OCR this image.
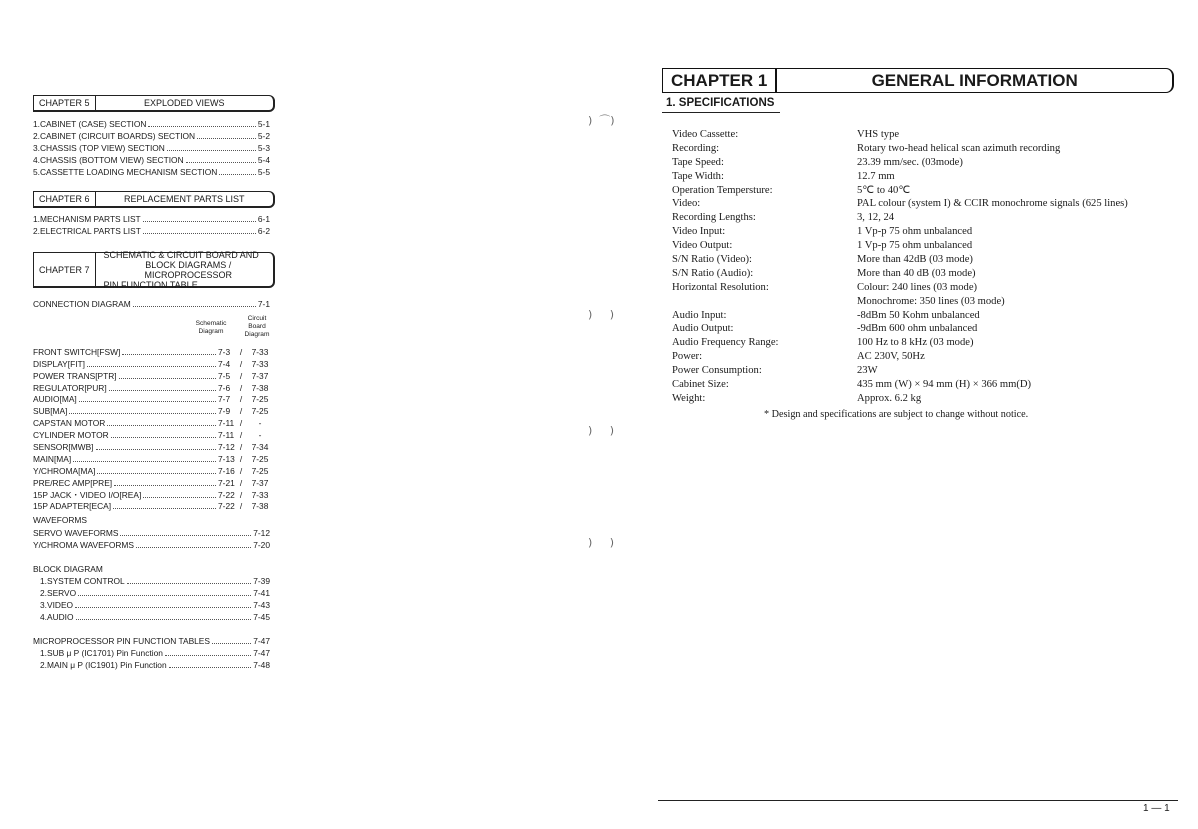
CHAPTER 5	EXPLODED VIEWS
1.CABINET (CASE) SECTION	5-1
2.CABINET (CIRCUIT BOARDS) SECTION	5-2
3.CHASSIS (TOP VIEW) SECTION	5-3
4.CHASSIS (BOTTOM VIEW) SECTION	5-4
5.CASSETTE LOADING MECHANISM SECTION	5-5
CHAPTER 6	REPLACEMENT PARTS LIST
1.MECHANISM PARTS LIST	6-1
2.ELECTRICAL PARTS LIST	6-2
CHAPTER 7
SCHEMATIC & CIRCUIT BOARD AND
BLOCK DIAGRAMS / MICROPROCESSOR
PIN FUNCTION TABLE
CONNECTION DIAGRAM	7-1
Schematic
Diagram
Circuit
Board
Diagram
FRONT SWITCH[FSW]	7-3	/	7-33
DISPLAY[FIT]	7-4	/	7-33
POWER TRANS[PTR]	7-5	/	7-37
REGULATOR[PUR]	7-6	/	7-38
AUDIO[MA]	7-7	/	7-25
SUB[MA]	7-9	/	7-25
CAPSTAN MOTOR	7-11 /	-
CYLINDER MOTOR	7-11 /	-
SENSOR[MWB]	7-12 /	7-34
MAIN[MA]	7-13 /	7-25
Y/CHROMA[MA]	7-16 /	7-25
PRE/REC AMP[PRE]	7-21 /	7-37
15P JACK・VIDEO I/O[REA]	7-22 /	7-33
15P ADAPTER[ECA]	7-22 /	7-38
WAVEFORMS
SERVO WAVEFORMS	7-12
Y/CHROMA WAVEFORMS	7-20
BLOCK DIAGRAM
1.SYSTEM CONTROL	7-39
2.SERVO	7-41
3.VIDEO	7-43
4.AUDIO	7-45
MICROPROCESSOR PIN FUNCTION TABLES	7-47
1.SUB μ P (IC1701) Pin Function	7-47
2.MAIN μ P (IC1901) Pin Function	7-48
)  ⌒)
)     )
)     )
)     )
CHAPTER 1	GENERAL INFORMATION
1. SPECIFICATIONS
Video Cassette:	VHS type
Recording:	Rotary two-head helical scan azimuth recording
Tape Speed:	23.39 mm/sec. (03mode)
Tape Width:	12.7 mm
Operation Tempersture:	5℃ to 40℃
Video:	PAL colour (system I) & CCIR monochrome signals (625 lines)
Recording Lengths:	3, 12, 24
Video Input:	1 Vp-p 75 ohm unbalanced
Video Output:	1 Vp-p 75 ohm unbalanced
S/N Ratio (Video):	More than 42dB (03 mode)
S/N Ratio (Audio):	More than 40 dB (03 mode)
Horizontal Resolution:	Colour: 240 lines (03 mode)
Monochrome: 350 lines (03 mode)
Audio Input:	-8dBm 50 Kohm unbalanced
Audio Output:	-9dBm 600 ohm unbalanced
Audio Frequency Range:	100 Hz to 8 kHz (03 mode)
Power:	AC 230V, 50Hz
Power Consumption:	23W
Cabinet Size:	435 mm (W) × 94 mm (H) × 366 mm(D)
Weight:	Approx. 6.2 kg
* Design and specifications are subject to change without notice.
1 — 1
